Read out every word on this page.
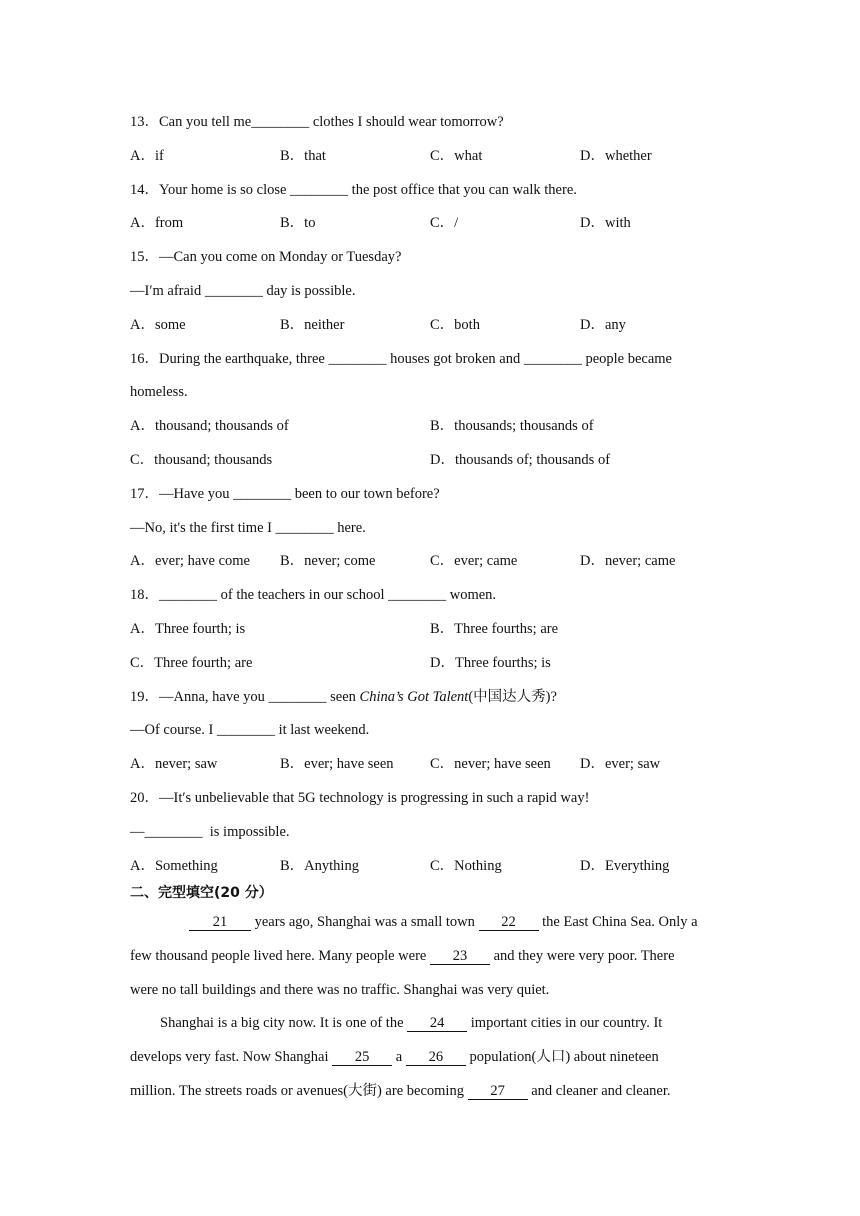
13．Can you tell me________ clothes I should wear tomorrow?
A．if	B．that	C．what	D．whether
14．Your home is so close ________ the post office that you can walk there.
A．from	B．to	C．/	D．with
15．—Can you come on Monday or Tuesday?
—I′m afraid ________ day is possible.
A．some	B．neither	C．both	D．any
16．During the earthquake, three ________ houses got broken and ________ people became
homeless.
A．thousand; thousands of	B．thousands; thousands of
C．thousand; thousands	D．thousands of; thousands of
17．—Have you ________ been to our town before?
—No, it's the first time I ________ here.
A．ever; have come B．never; come	C．ever; came	D．never; came
18．________ of the teachers in our school ________ women.
A．Three fourth; is	B．Three fourths; are
C．Three fourth; are	D．Three fourths; is
19．—Anna, have you ________ seen China’s Got Talent(中国达人秀)?
—Of course. I ________ it last weekend.
A．never; saw	B．ever; have seen	C．never; have seen D．ever; saw
20．—It′s unbelievable that 5G technology is progressing in such a rapid way!
—________  is impossible.
A．Something	B．Anything	C．Nothing	D．Everything
二、完型填空(20 分）
21 years ago, Shanghai was a small town 22 the East China Sea. Only a
few thousand people lived here. Many people were 23 and they were very poor. There
were no tall buildings and there was no traffic. Shanghai was very quiet.
Shanghai is a big city now. It is one of the 24 important cities in our country. It
develops very fast. Now Shanghai 25 a 26 population(人口) about nineteen
million. The streets roads or avenues(大街) are becoming 27 and cleaner and cleaner.
